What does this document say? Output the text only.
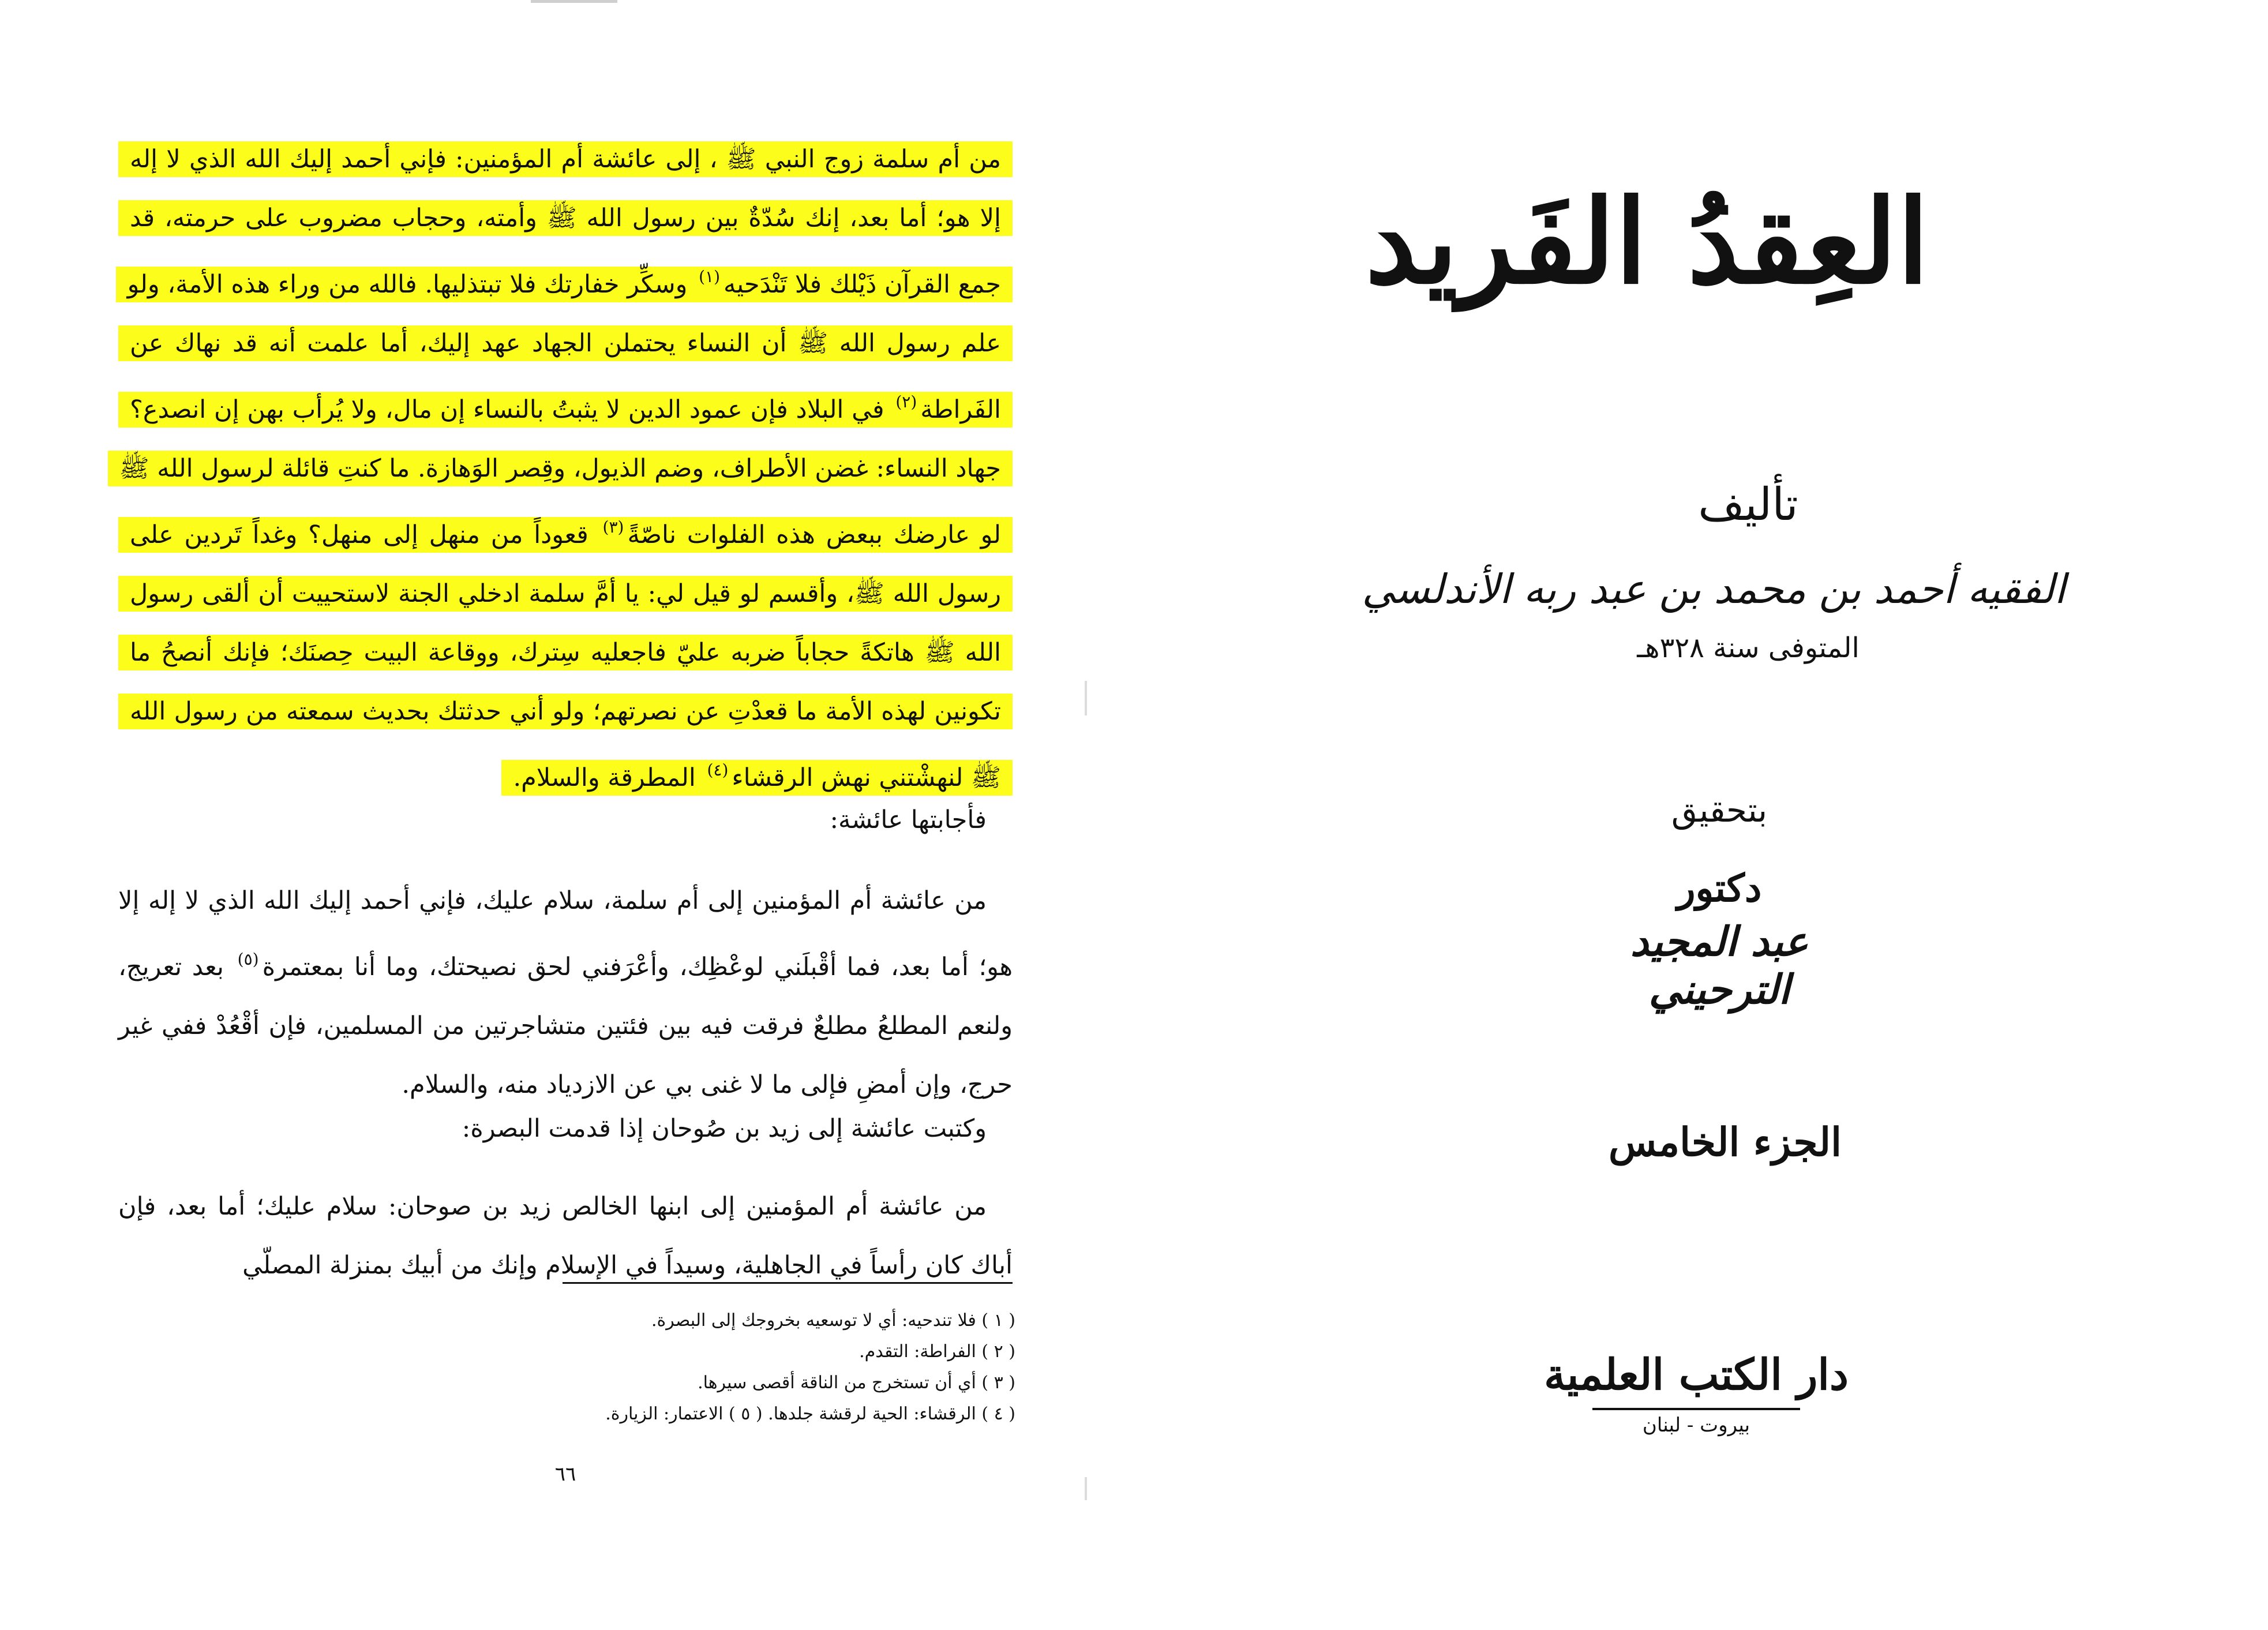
من أم سلمة زوج النبي ﷺ ، إلى عائشة أم المؤمنين: فإني أحمد إليك الله الذي لا إله إلا هو؛ أما بعد، إنك سُدّةٌ بين رسول الله ﷺ وأمته، وحجاب مضروب على حرمته، قد جمع القرآن ذَيْلك فلا تَنْدَحيه$^{(١)}$ وسكِّر خفارتك فلا تبتذليها. فالله من وراء هذه الأمة، ولو علم رسول الله ﷺ أن النساء يحتملن الجهاد عهد إليك، أما علمت أنه قد نهاك عن الفَراطة$^{(٢)}$ في البلاد فإن عمود الدين لا يثبتُ بالنساء إن مال، ولا يُرأب بهن إن انصدع؟ جهاد النساء: غضن الأطراف، وضم الذيول، وقِصر الوَهازة. ما كنتِ قائلة لرسول الله ﷺ لو عارضك ببعض هذه الفلوات ناصّةً$^{(٣)}$ قعوداً من منهل إلى منهل؟ وغداً تَردين على رسول الله ﷺ، وأقسم لو قيل لي: يا أمَّ سلمة ادخلي الجنة لاستحييت أن ألقى رسول الله ﷺ هاتكةً حجاباً ضربه عليّ فاجعليه سِترك، ووقاعة البيت حِصنَك؛ فإنك أنصحُ ما تكونين لهذه الأمة ما قعدْتِ عن نصرتهم؛ ولو أني حدثتك بحديث سمعته من رسول الله ﷺ لنهشْتني نهش الرقشاء$^{(٤)}$ المطرقة والسلام.
فأجابتها عائشة:
من عائشة أم المؤمنين إلى أم سلمة، سلام عليك، فإني أحمد إليك الله الذي لا إله إلا هو؛ أما بعد، فما أقْبلَني لوعْظِك، وأعْرَفني لحق نصيحتك، وما أنا بمعتمرة$^{(٥)}$ بعد تعريج، ولنعم المطلعُ مطلعٌ فرقت فيه بين فئتين متشاجرتين من المسلمين، فإن أقْعُدْ ففي غير حرج، وإن أمضِ فإلى ما لا غنى بي عن الازدياد منه، والسلام.
وكتبت عائشة إلى زيد بن صُوحان إذا قدمت البصرة:
من عائشة أم المؤمنين إلى ابنها الخالص زيد بن صوحان: سلام عليك؛ أما بعد، فإن أباك كان رأساً في الجاهلية، وسيداً في الإسلام وإنك من أبيك بمنزلة المصلّي
( ١ ) فلا تندحيه: أي لا توسعيه بخروجك إلى البصرة.
( ٢ ) الفراطة: التقدم.
( ٣ ) أي أن تستخرج من الناقة أقصى سيرها.
( ٤ ) الرقشاء: الحية لرقشة جلدها. ( ٥ ) الاعتمار: الزيارة.
٦٦
العِقدُ الفَريد
تأليف
الفقيه أحمد بن محمد بن عبد ربه الأندلسي
المتوفى سنة ٣٢٨هـ
بتحقيق
دكتور
عبد المجيد الترحيني
الجزء الخامس
دار الكتب العلمية
بيروت - لبنان
